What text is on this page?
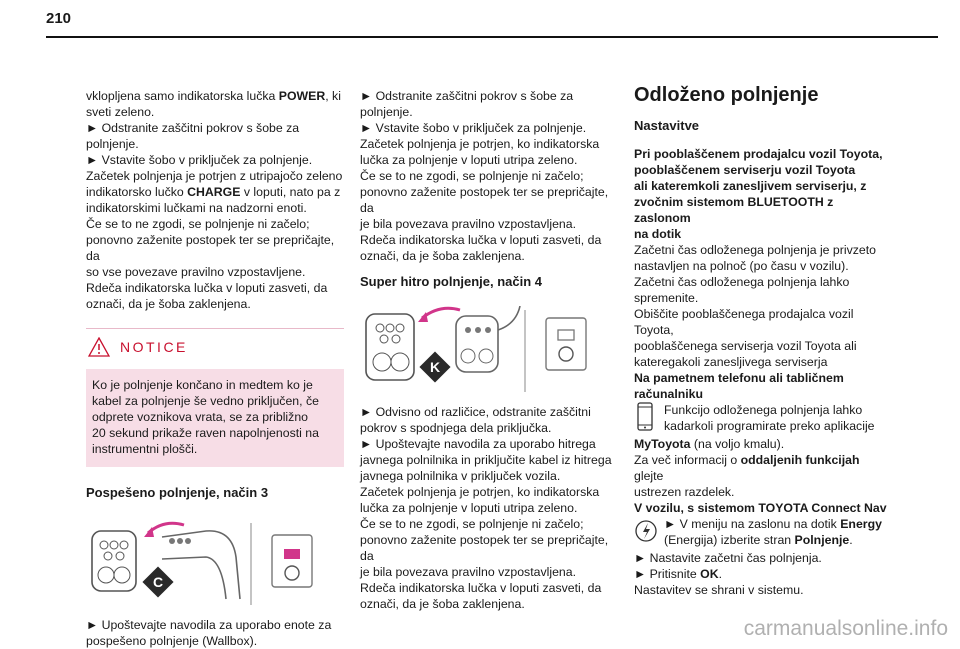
210

vklopljena samo indikatorska lučka POWER, ki
sveti zeleno.
► Odstranite zaščitni pokrov s šobe za
polnjenje.
► Vstavite šobo v priključek za polnjenje.
Začetek polnjenja je potrjen z utripajočo zeleno
indikatorsko lučko CHARGE v loputi, nato pa z
indikatorskimi lučkami na nadzorni enoti.
Če se to ne zgodi, se polnjenje ni začelo;
ponovno zaženite postopek ter se prepričajte, da
so vse povezave pravilno vzpostavljene.
Rdeča indikatorska lučka v loputi zasveti, da
označi, da je šoba zaklenjena.

NOTICE
Ko je polnjenje končano in medtem ko je
kabel za polnjenje še vedno priključen, če
odprete voznikova vrata, se za približno
20 sekund prikaže raven napolnjenosti na
instrumentni plošči.
Pospešeno polnjenje, način 3
C

► Upoštevajte navodila za uporabo enote za
pospešeno polnjenje (Wallbox).

► Odstranite zaščitni pokrov s šobe za
polnjenje.
► Vstavite šobo v priključek za polnjenje.
Začetek polnjenja je potrjen, ko indikatorska
lučka za polnjenje v loputi utripa zeleno.
Če se to ne zgodi, se polnjenje ni začelo;
ponovno zaženite postopek ter se prepričajte, da
je bila povezava pravilno vzpostavljena.
Rdeča indikatorska lučka v loputi zasveti, da
označi, da je šoba zaklenjena.

Super hitro polnjenje, način 4
K

► Odvisno od različice, odstranite zaščitni
pokrov s spodnjega dela priključka.
► Upoštevajte navodila za uporabo hitrega
javnega polnilnika in priključite kabel iz hitrega
javnega polnilnika v priključek vozila.
Začetek polnjenja je potrjen, ko indikatorska
lučka za polnjenje v loputi utripa zeleno.
Če se to ne zgodi, se polnjenje ni začelo;
ponovno zaženite postopek ter se prepričajte, da
je bila povezava pravilno vzpostavljena.
Rdeča indikatorska lučka v loputi zasveti, da
označi, da je šoba zaklenjena.

Odloženo polnjenje
Nastavitve

Pri pooblaščenem prodajalcu vozil Toyota,
pooblaščenem serviserju vozil Toyota
ali kateremkoli zanesljivem serviserju, z
zvočnim sistemom BLUETOOTH z zaslonom
na dotik

Začetni čas odloženega polnjenja je privzeto
nastavljen na polnoč (po času v vozilu).
Začetni čas odloženega polnjenja lahko
spremenite.
Obiščite pooblaščenega prodajalca vozil Toyota,
pooblaščenega serviserja vozil Toyota ali
kateregakoli zanesljivega serviserja

Na pametnem telefonu ali tabličnem
računalniku

Funkcijo odloženega polnjenja lahko
kadarkoli programirate preko aplikacije

MyToyota (na voljo kmalu).
Za več informacij o oddaljenih funkcijah glejte
ustrezen razdelek.
V vozilu, s sistemom TOYOTA Connect Nav

► V meniju na zaslonu na dotik Energy
(Energija) izberite stran Polnjenje.

► Nastavite začetni čas polnjenja.
► Pritisnite OK.
Nastavitev se shrani v sistemu.

carmanualsonline.info
